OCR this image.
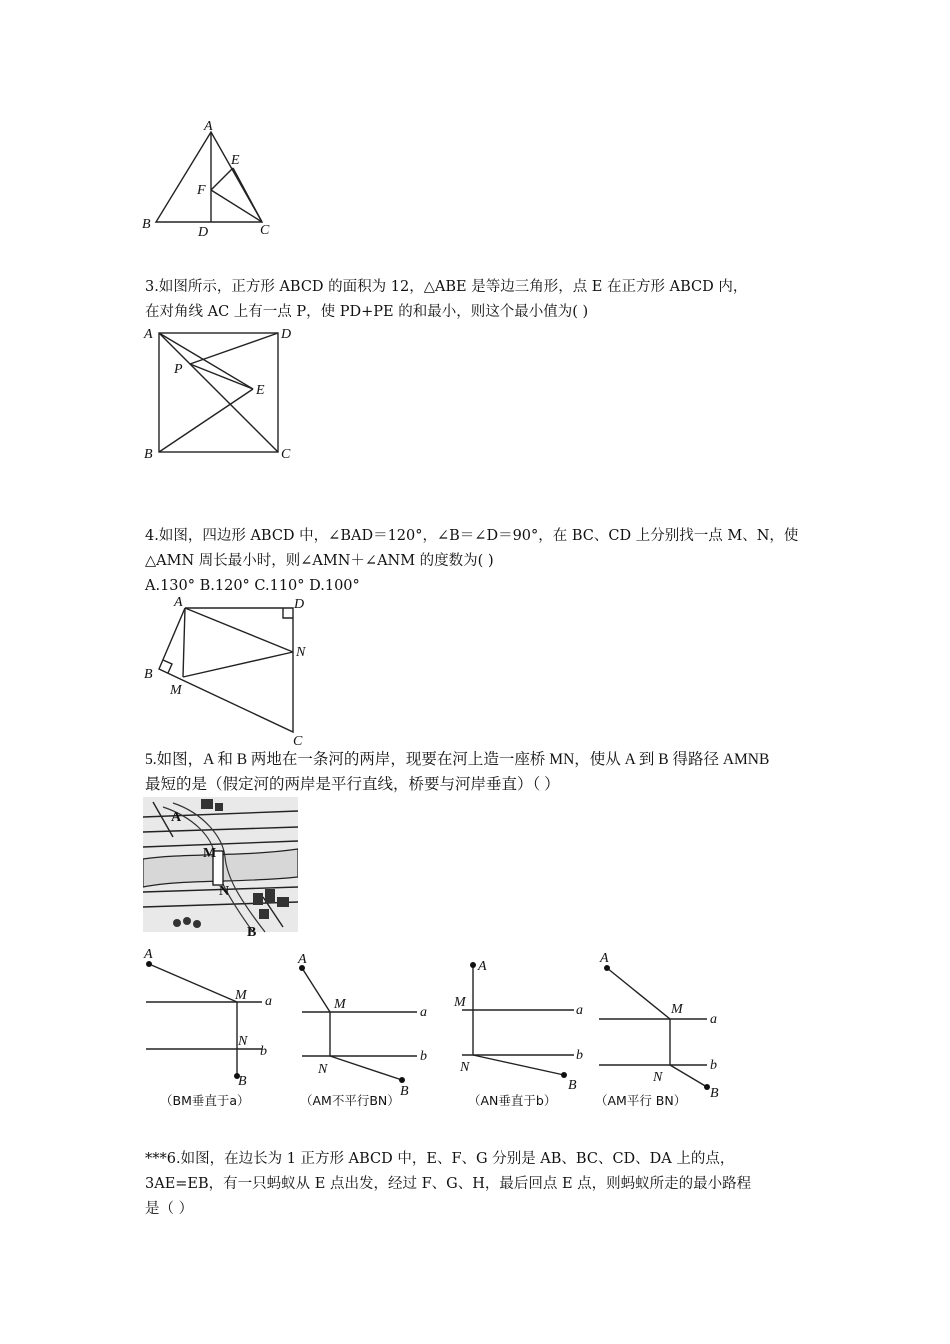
A
B	C
D
E
F
3.如图所示，正方形 ABCD 的面积为 12，△ABE 是等边三角形，点 E 在正方形 ABCD 内，
在对角线 AC 上有一点 P，使 PD+PE 的和最小，则这个最小值为( )
A	D
B	C
E
P
4.如图，四边形 ABCD 中，∠BAD＝120°，∠B＝∠D＝90°，在 BC、CD 上分别找一点 M、N，使
△AMN 周长最小时，则∠AMN＋∠ANM 的度数为( )
A.130° B.120° C.110° D.100°
A	D
N
B
M
C
5.如图，A 和 B 两地在一条河的两岸，现要在河上造一座桥 MN，使从 A 到 B 得路径 AMNB
最短的是（假定河的两岸是平行直线，桥要与河岸垂直）（ ）
A
M
N
B
A
M a
N
b
B
（BM垂直于a）
A
M
a
N
b
B
（AM不平行BN）
A
M
a
N
b
B
（AN垂直于b）
A
M
a
N
b
B
（AM平行 BN）
***6.如图，在边长为 1 正方形 ABCD 中，E、F、G 分别是 AB、BC、CD、DA 上的点，
3AE=EB，有一只蚂蚁从 E 点出发，经过 F、G、H，最后回点 E 点，则蚂蚁所走的最小路程
是（ ）
